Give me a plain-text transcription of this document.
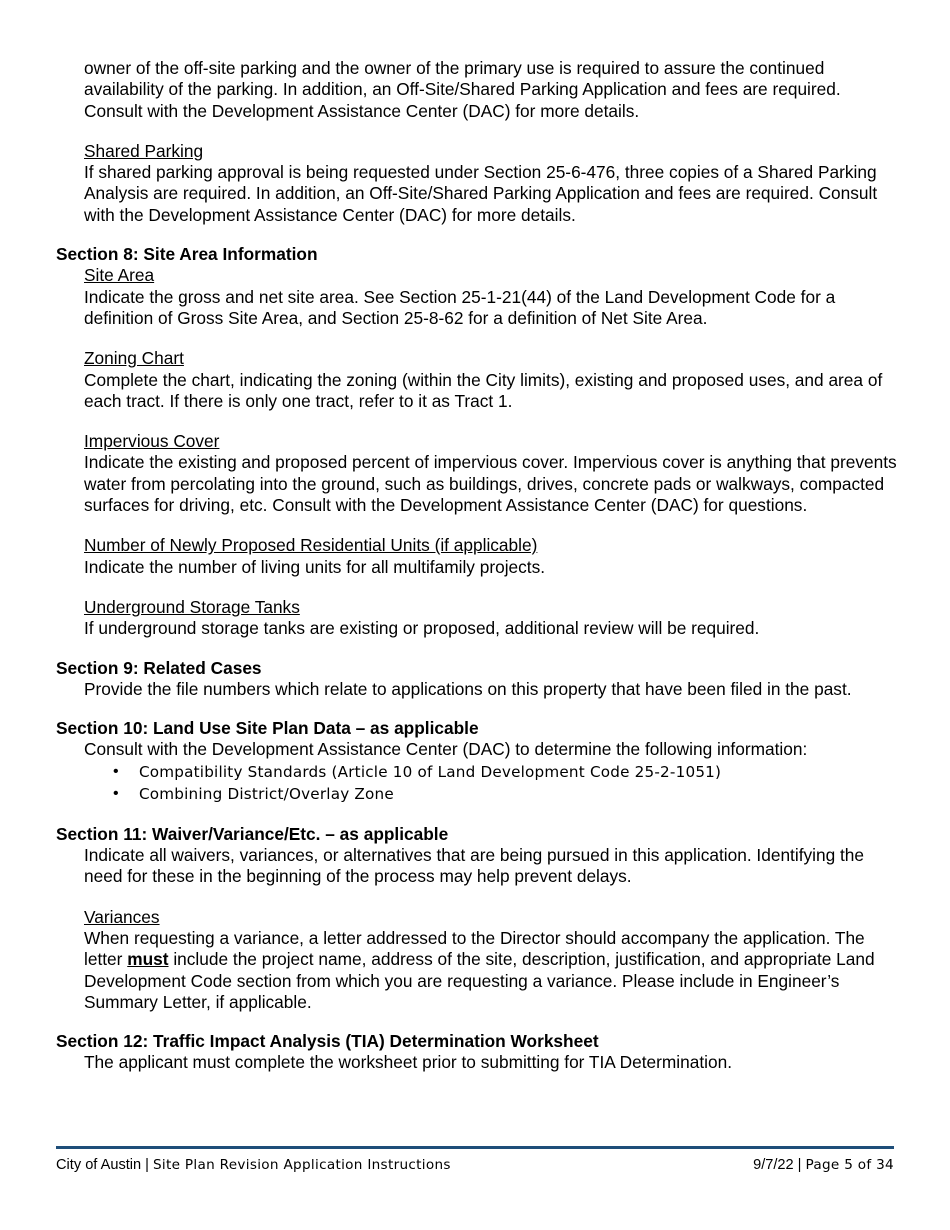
owner of the off-site parking and the owner of the primary use is required to assure the continued availability of the parking. In addition, an Off-Site/Shared Parking Application and fees are required. Consult with the Development Assistance Center (DAC) for more details.

Shared Parking

If shared parking approval is being requested under Section 25-6-476, three copies of a Shared Parking Analysis are required. In addition, an Off-Site/Shared Parking Application and fees are required. Consult with the Development Assistance Center (DAC) for more details.

Section 8: Site Area Information

Site Area

Indicate the gross and net site area. See Section 25-1-21(44) of the Land Development Code for a definition of Gross Site Area, and Section 25-8-62 for a definition of Net Site Area.

Zoning Chart

Complete the chart, indicating the zoning (within the City limits), existing and proposed uses, and area of each tract. If there is only one tract, refer to it as Tract 1.

Impervious Cover

Indicate the existing and proposed percent of impervious cover. Impervious cover is anything that prevents water from percolating into the ground, such as buildings, drives, concrete pads or walkways, compacted surfaces for driving, etc. Consult with the Development Assistance Center (DAC) for questions.

Number of Newly Proposed Residential Units (if applicable)

Indicate the number of living units for all multifamily projects.

Underground Storage Tanks

If underground storage tanks are existing or proposed, additional review will be required.

Section 9: Related Cases

Provide the file numbers which relate to applications on this property that have been filed in the past.

Section 10: Land Use Site Plan Data – as applicable

Consult with the Development Assistance Center (DAC) to determine the following information:

• Compatibility Standards (Article 10 of Land Development Code 25-2-1051)
• Combining District/Overlay Zone

Section 11: Waiver/Variance/Etc. – as applicable

Indicate all waivers, variances, or alternatives that are being pursued in this application. Identifying the need for these in the beginning of the process may help prevent delays.

Variances

When requesting a variance, a letter addressed to the Director should accompany the application. The letter must include the project name, address of the site, description, justification, and appropriate Land Development Code section from which you are requesting a variance. Please include in Engineer’s Summary Letter, if applicable.

Section 12: Traffic Impact Analysis (TIA) Determination Worksheet

The applicant must complete the worksheet prior to submitting for TIA Determination.

City of Austin | Site Plan Revision Application Instructions	9/7/22 | Page 5 of 34
